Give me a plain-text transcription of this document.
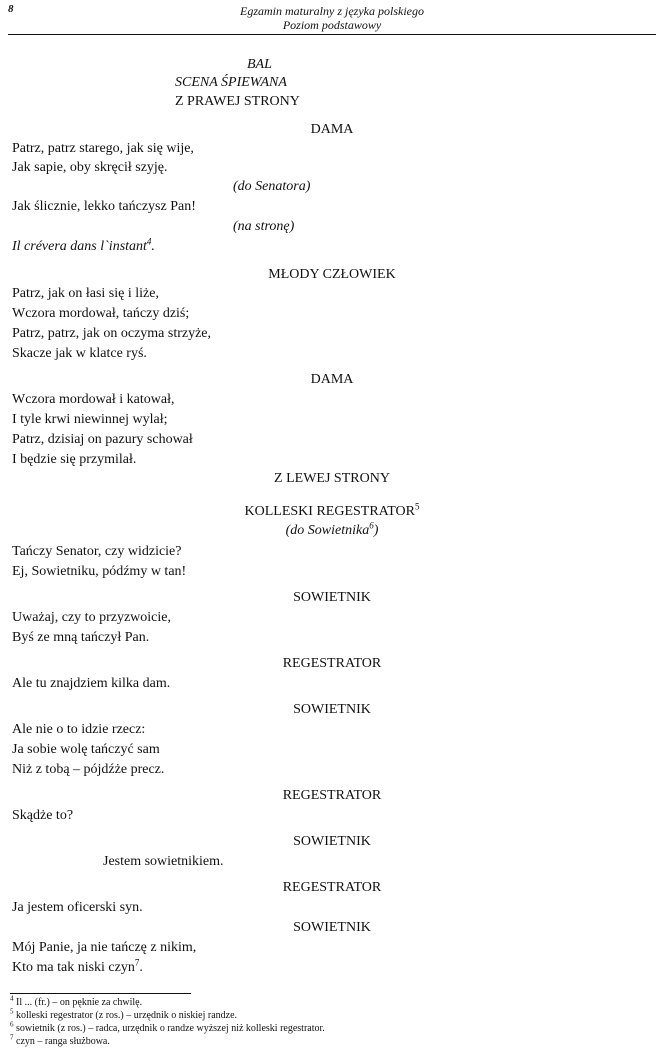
8	Egzamin maturalny z języka polskiego
Poziom podstawowy
BAL
SCENA ŚPIEWANA
Z PRAWEJ STRONY
DAMA
Patrz, patrz starego, jak się wije,
Jak sapie, oby skręcił szyję.
(do Senatora)
Jak ślicznie, lekko tańczysz Pan!
(na stronę)
Il crévera dans l`instant$^4$.
MŁODY CZŁOWIEK
Patrz, jak on łasi się i liże,
Wczora mordował, tańczy dziś;
Patrz, patrz, jak on oczyma strzyże,
Skacze jak w klatce ryś.
DAMA
Wczora mordował i katował,
I tyle krwi niewinnej wylał;
Patrz, dzisiaj on pazury schował
I będzie się przymilał.
Z LEWEJ STRONY
KOLLESKI REGESTRATOR$^5$
(do Sowietnika$^6$)
Tańczy Senator, czy widzicie?
Ej, Sowietniku, pódźmy w tan!
SOWIETNIK
Uważaj, czy to przyzwoicie,
Byś ze mną tańczył Pan.
REGESTRATOR
Ale tu znajdziem kilka dam.
SOWIETNIK
Ale nie o to idzie rzecz:
Ja sobie wolę tańczyć sam
Niż z tobą – pójdźże precz.
REGESTRATOR
Skądże to?
SOWIETNIK
Jestem sowietnikiem.
REGESTRATOR
Ja jestem oficerski syn.
SOWIETNIK
Mój Panie, ja nie tańczę z nikim,
Kto ma tak niski czyn$^7$.
$^4$ Il ... (fr.) – on pęknie za chwilę.
$^5$ kolleski regestrator (z ros.) – urzędnik o niskiej randze.
$^6$ sowietnik (z ros.) – radca, urzędnik o randze wyższej niż kolleski regestrator.
$^7$ czyn – ranga służbowa.
